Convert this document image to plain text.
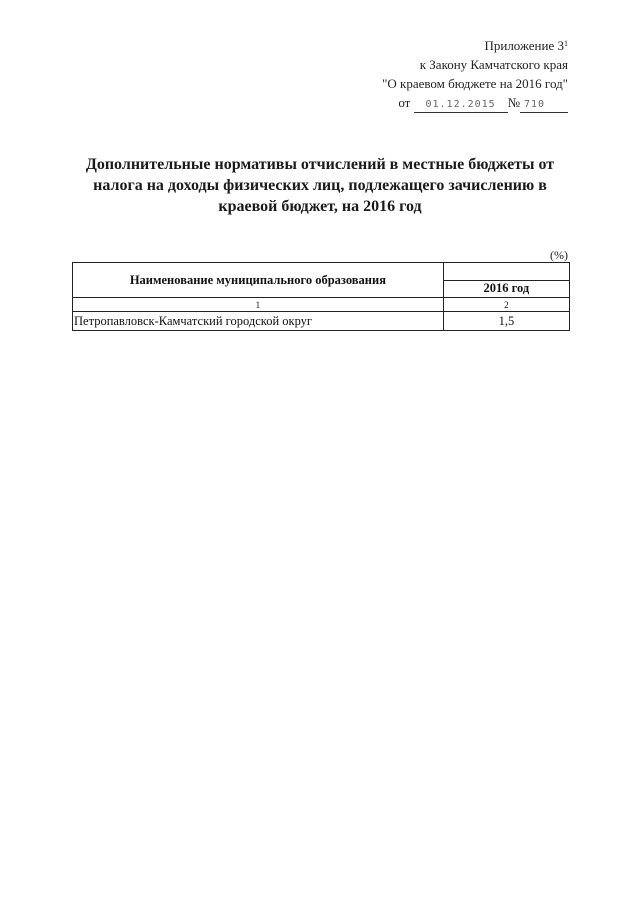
Приложение $3^1$
к Закону Камчатского края
"О краевом бюджете на 2016 год"
от 01.12.2015 № 710
Дополнительные нормативы отчислений в местные бюджеты от
налога на доходы физических лиц, подлежащего зачислению в
краевой бюджет, на 2016 год
(%)
Наименование муниципального образования	
	2016 год
1	2
Петропавловск-Камчатский городской округ	1,5
